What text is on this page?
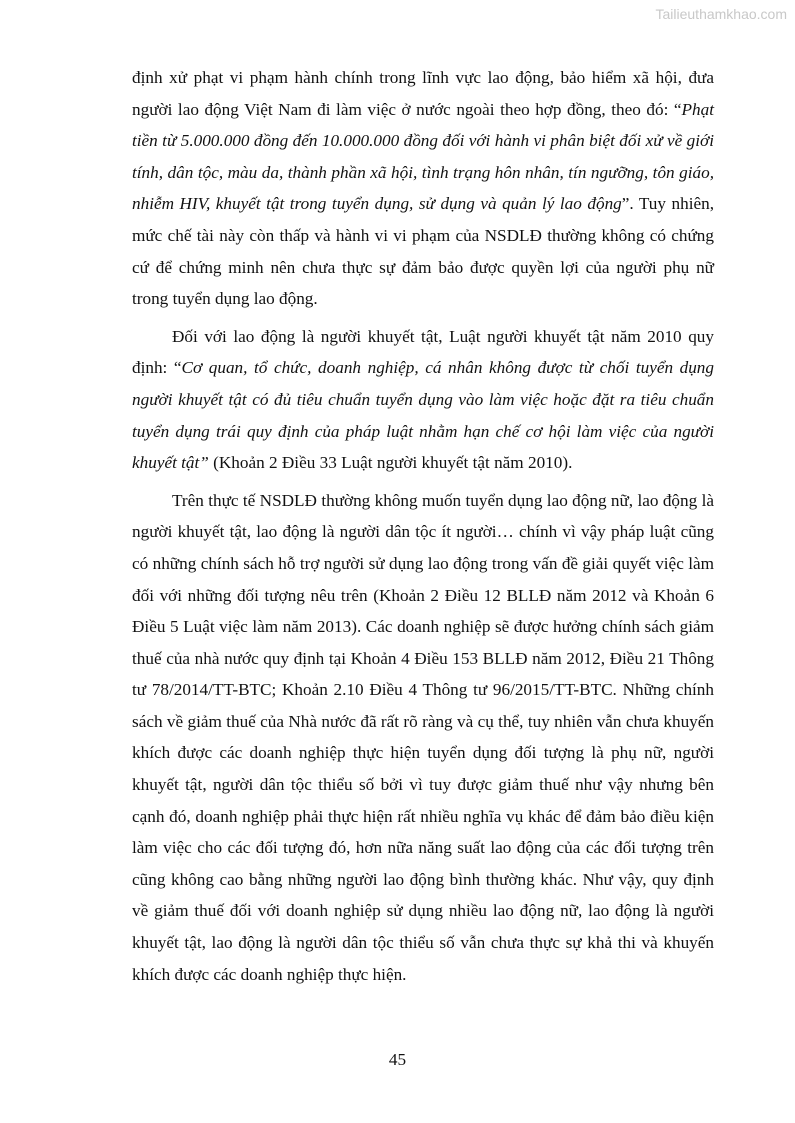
Tailieuthamkhao.com

định xử phạt vi phạm hành chính trong lĩnh vực lao động, bảo hiểm xã hội, đưa người lao động Việt Nam đi làm việc ở nước ngoài theo hợp đồng, theo đó: “Phạt tiền từ 5.000.000 đồng đến 10.000.000 đồng đối với hành vi phân biệt đối xử về giới tính, dân tộc, màu da, thành phần xã hội, tình trạng hôn nhân, tín ngưỡng, tôn giáo, nhiễm HIV, khuyết tật trong tuyển dụng, sử dụng và quản lý lao động”. Tuy nhiên, mức chế tài này còn thấp và hành vi vi phạm của NSDLĐ thường không có chứng cứ để chứng minh nên chưa thực sự đảm bảo được quyền lợi của người phụ nữ trong tuyển dụng lao động.

Đối với lao động là người khuyết tật, Luật người khuyết tật năm 2010 quy định: “Cơ quan, tổ chức, doanh nghiệp, cá nhân không được từ chối tuyển dụng người khuyết tật có đủ tiêu chuẩn tuyển dụng vào làm việc hoặc đặt ra tiêu chuẩn tuyển dụng trái quy định của pháp luật nhằm hạn chế cơ hội làm việc của người khuyết tật” (Khoản 2 Điều 33 Luật người khuyết tật năm 2010).

Trên thực tế NSDLĐ thường không muốn tuyển dụng lao động nữ, lao động là người khuyết tật, lao động là người dân tộc ít người… chính vì vậy pháp luật cũng có những chính sách hỗ trợ người sử dụng lao động trong vấn đề giải quyết việc làm đối với những đối tượng nêu trên (Khoản 2 Điều 12 BLLĐ năm 2012 và Khoản 6 Điều 5 Luật việc làm năm 2013). Các doanh nghiệp sẽ được hưởng chính sách giảm thuế của nhà nước quy định tại Khoản 4 Điều 153 BLLĐ năm 2012, Điều 21 Thông tư 78/2014/TT-BTC; Khoản 2.10 Điều 4 Thông tư 96/2015/TT-BTC. Những chính sách về giảm thuế của Nhà nước đã rất rõ ràng và cụ thể, tuy nhiên vẫn chưa khuyến khích được các doanh nghiệp thực hiện tuyển dụng đối tượng là phụ nữ, người khuyết tật, người dân tộc thiểu số bởi vì tuy được giảm thuế như vậy nhưng bên cạnh đó, doanh nghiệp phải thực hiện rất nhiều nghĩa vụ khác để đảm bảo điều kiện làm việc cho các đối tượng đó, hơn nữa năng suất lao động của các đối tượng trên cũng không cao bằng những người lao động bình thường khác. Như vậy, quy định về giảm thuế đối với doanh nghiệp sử dụng nhiều lao động nữ, lao động là người khuyết tật, lao động là người dân tộc thiểu số vẫn chưa thực sự khả thi và khuyến khích được các doanh nghiệp thực hiện.

45
